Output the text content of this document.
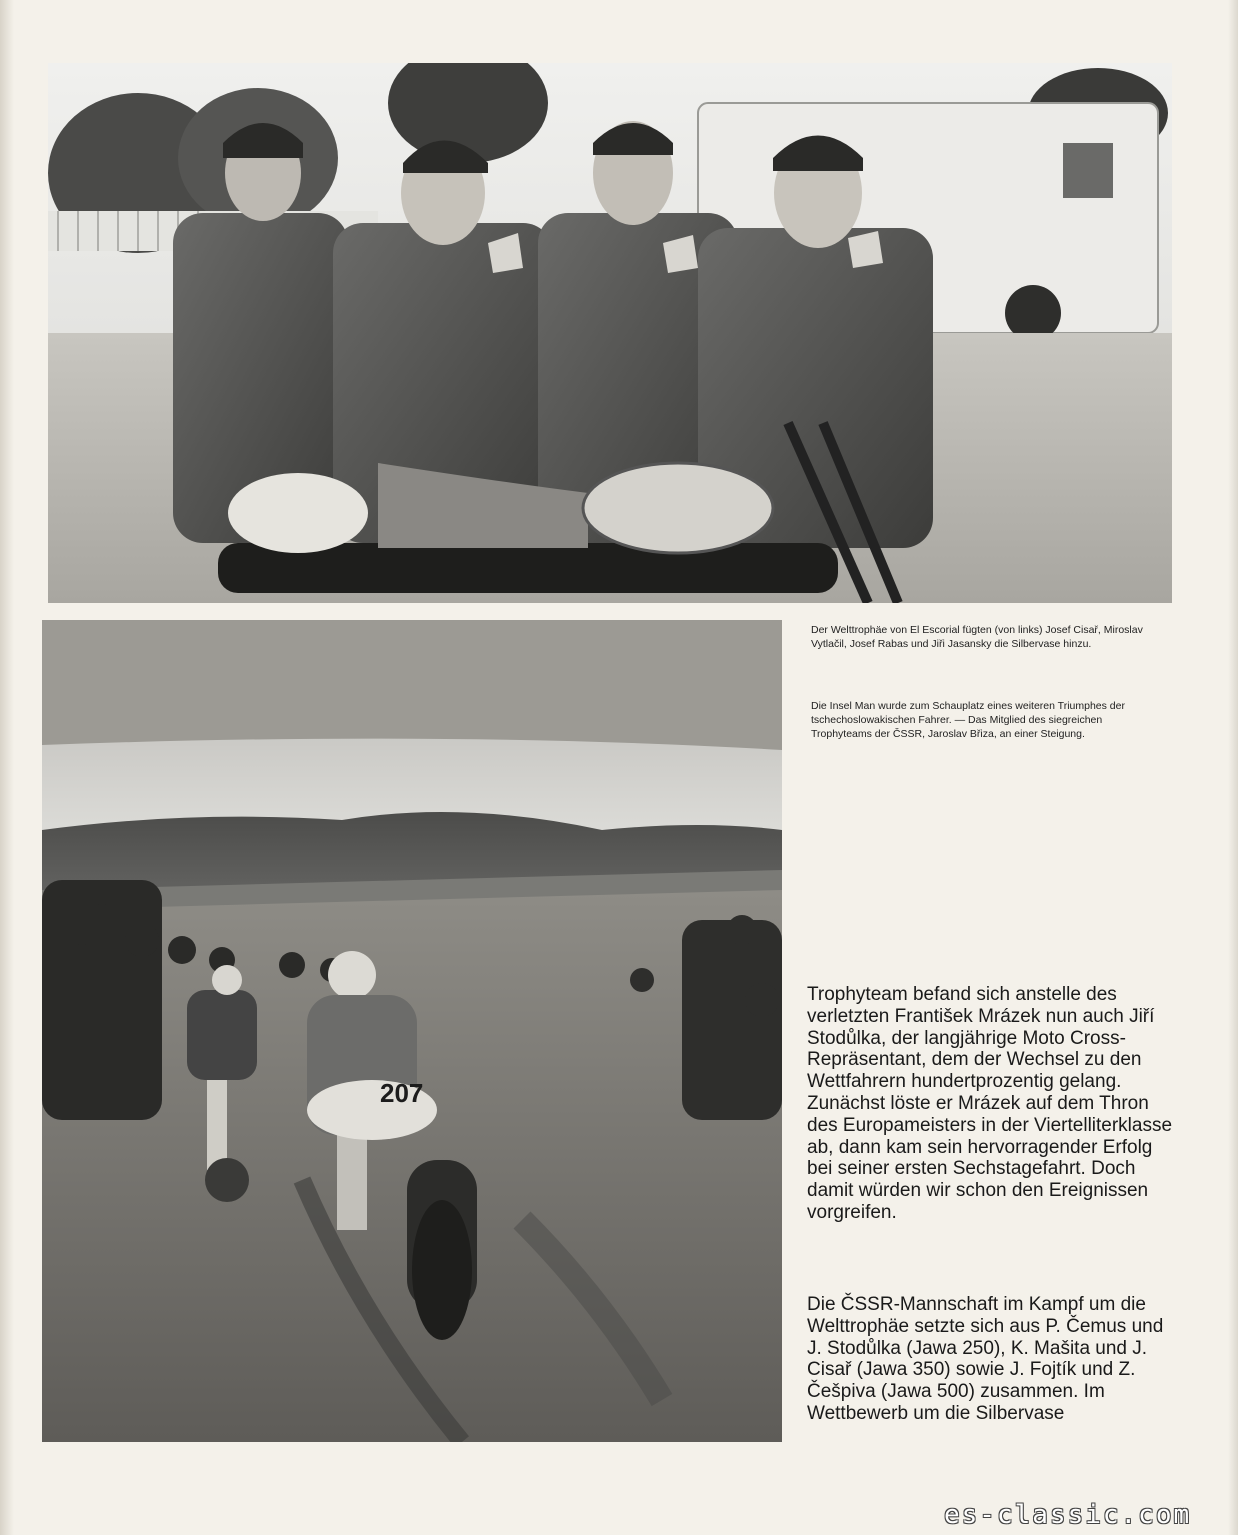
207
Der Welttrophäe von El Escorial fügten (von links) Josef Cisař, Miroslav Vytlačil, Josef Rabas und Jiři Jasansky die Silbervase hinzu.
Die Insel Man wurde zum Schauplatz eines weiteren Triumphes der tschechoslowakischen Fahrer. — Das Mitglied des siegreichen Trophyteams der ČSSR, Jaroslav Břiza, an einer Steigung.
Trophyteam befand sich anstelle des verletzten František Mrázek nun auch Jiří Stodůlka, der langjährige Moto Cross-Repräsentant, dem der Wechsel zu den Wettfahrern hundertprozentig gelang. Zunächst löste er Mrázek auf dem Thron des Europameisters in der Viertelliterklasse ab, dann kam sein hervorragender Erfolg bei seiner ersten Sechstagefahrt. Doch damit würden wir schon den Ereignissen vorgreifen.
Die ČSSR-Mannschaft im Kampf um die Welttrophäe setzte sich aus P. Čemus und J. Stodůlka (Jawa 250), K. Mašita und J. Cisař (Jawa 350) sowie J. Fojtík und Z. Češpiva (Jawa 500) zusammen. Im Wettbewerb um die Silbervase
es-classic.com
